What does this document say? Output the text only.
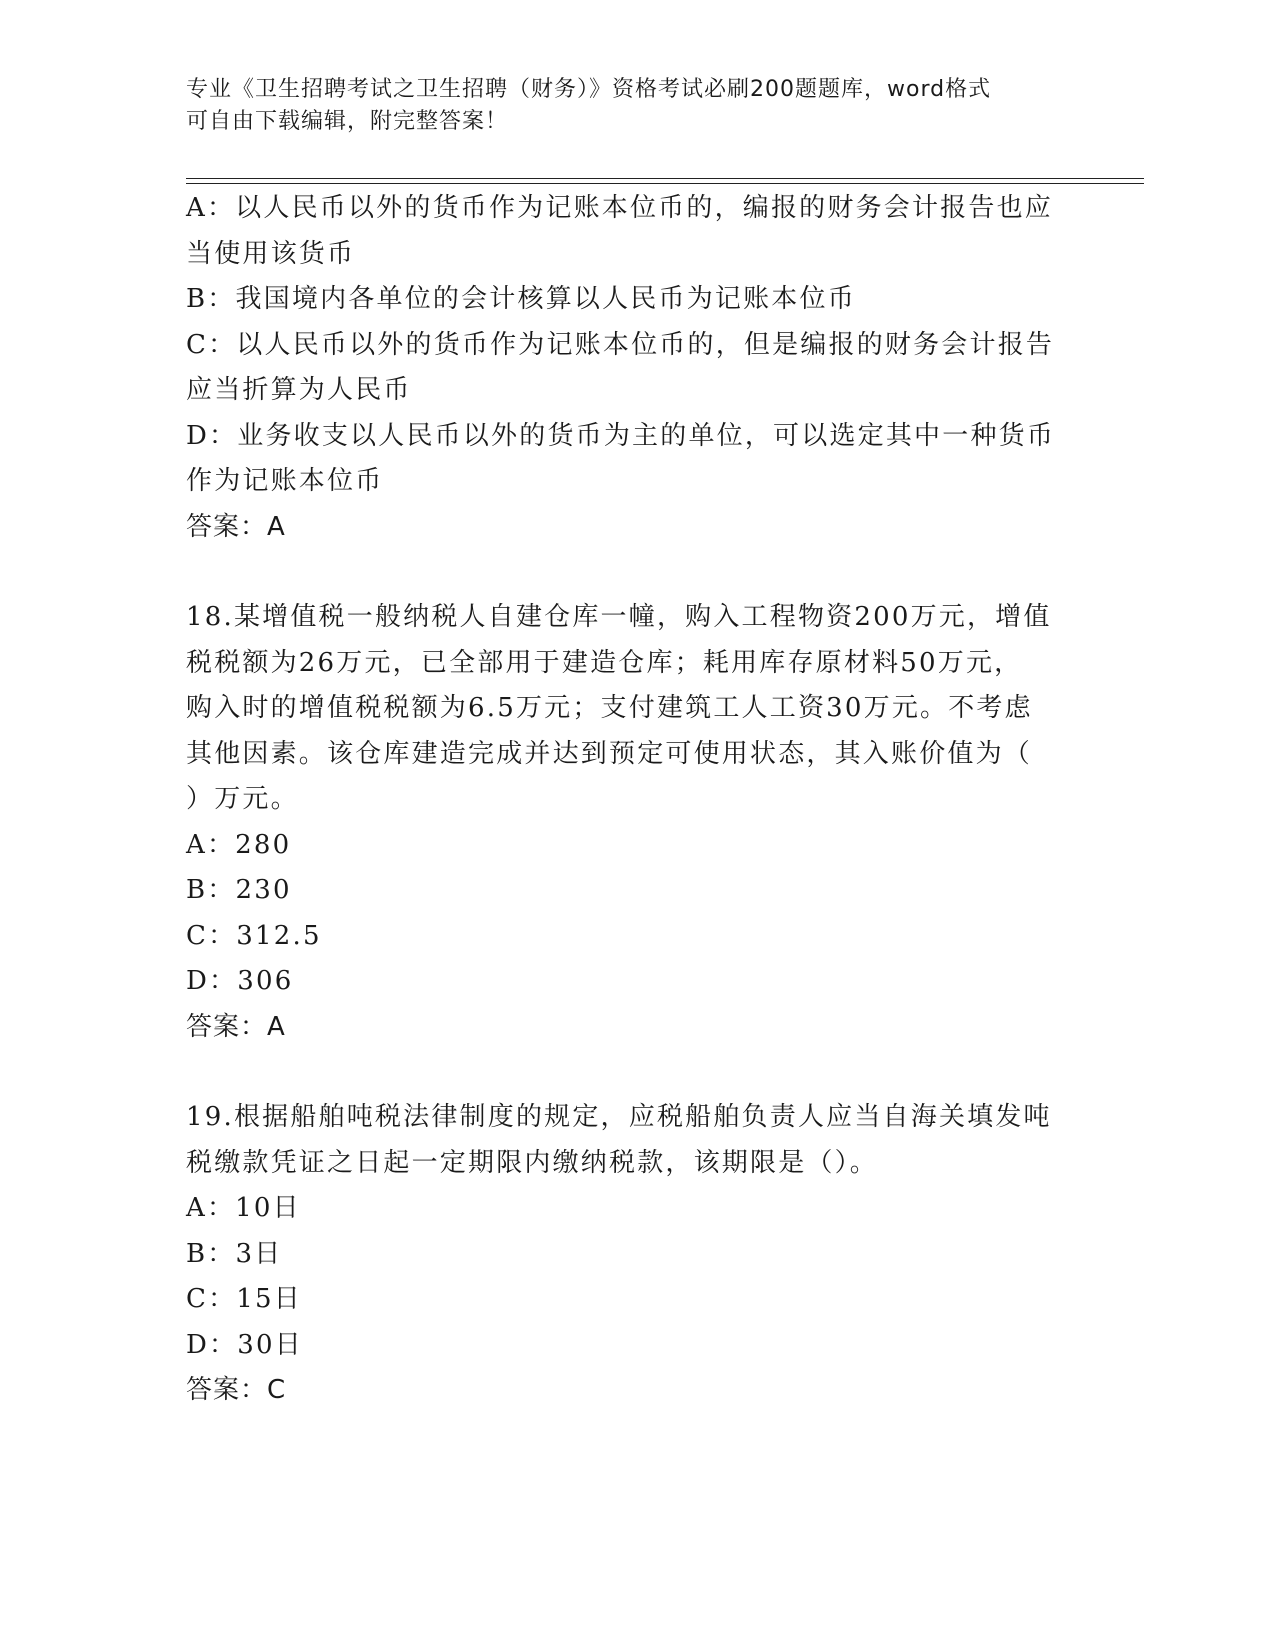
专业《卫生招聘考试之卫生招聘（财务）》资格考试必刷200题题库，word格式
可自由下载编辑，附完整答案！
A：以人民币以外的货币作为记账本位币的，编报的财务会计报告也应
当使用该货币
B：我国境内各单位的会计核算以人民币为记账本位币
C：以人民币以外的货币作为记账本位币的，但是编报的财务会计报告
应当折算为人民币
D：业务收支以人民币以外的货币为主的单位，可以选定其中一种货币
作为记账本位币
答案：A
18.某增值税一般纳税人自建仓库一幢，购入工程物资200万元，增值
税税额为26万元，已全部用于建造仓库；耗用库存原材料50万元，
购入时的增值税税额为6.5万元；支付建筑工人工资30万元。不考虑
其他因素。该仓库建造完成并达到预定可使用状态，其入账价值为（
）万元。
A：280
B：230
C：312.5
D：306
答案：A
19.根据船舶吨税法律制度的规定，应税船舶负责人应当自海关填发吨
税缴款凭证之日起一定期限内缴纳税款，该期限是（）。
A：10日
B：3日
C：15日
D：30日
答案：C
